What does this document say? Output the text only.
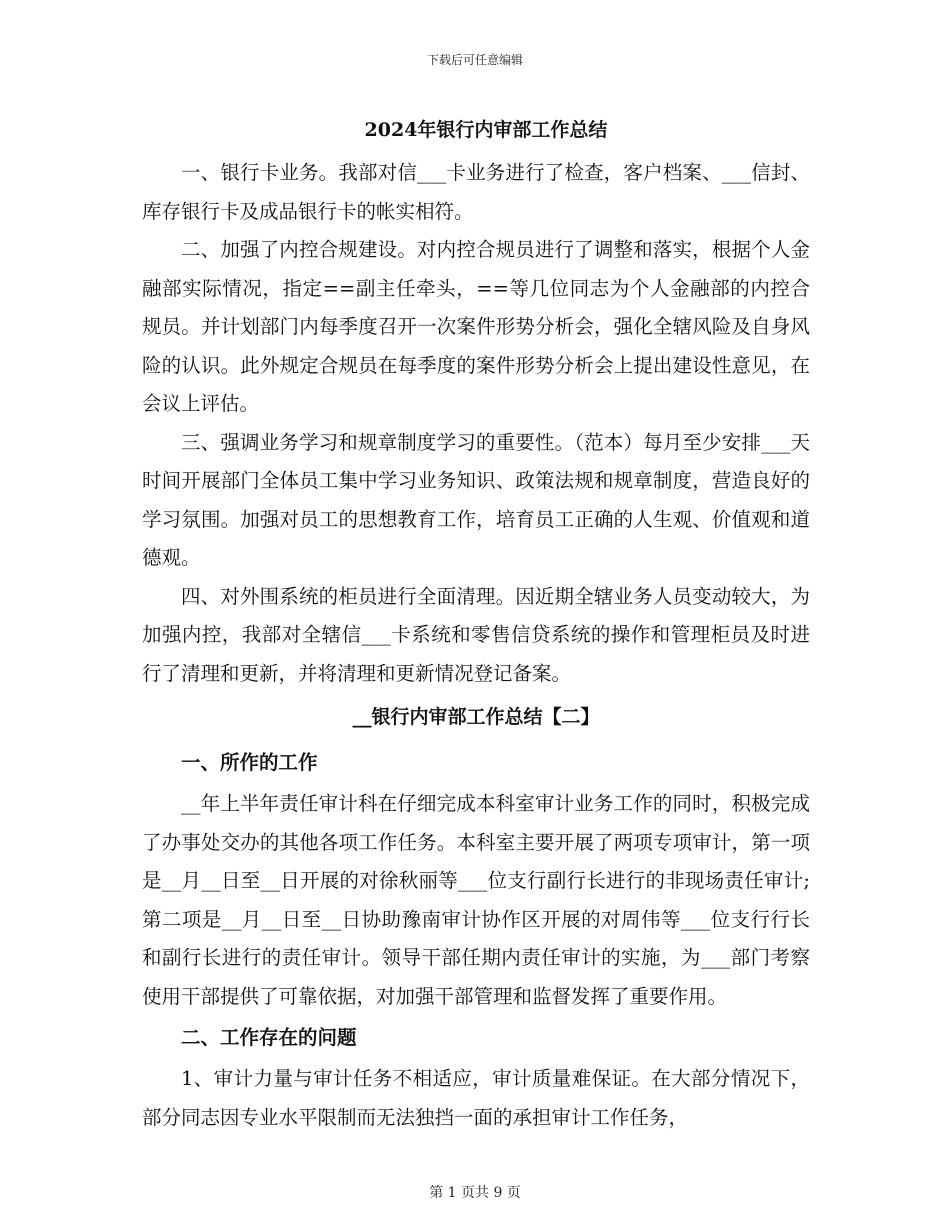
下载后可任意编辑
2024年银行内审部工作总结

一、银行卡业务。我部对信___卡业务进行了检查，客户档案、___信封、库存银行卡及成品银行卡的帐实相符。

二、加强了内控合规建设。对内控合规员进行了调整和落实，根据个人金融部实际情况，指定==副主任牵头，==等几位同志为个人金融部的内控合规员。并计划部门内每季度召开一次案件形势分析会，强化全辖风险及自身风险的认识。此外规定合规员在每季度的案件形势分析会上提出建设性意见，在会议上评估。

三、强调业务学习和规章制度学习的重要性。（范本）每月至少安排___天时间开展部门全体员工集中学习业务知识、政策法规和规章制度，营造良好的学习氛围。加强对员工的思想教育工作，培育员工正确的人生观、价值观和道德观。

四、对外围系统的柜员进行全面清理。因近期全辖业务人员变动较大，为加强内控，我部对全辖信___卡系统和零售信贷系统的操作和管理柜员及时进行了清理和更新，并将清理和更新情况登记备案。

__银行内审部工作总结【二】
一、所作的工作

__年上半年责任审计科在仔细完成本科室审计业务工作的同时，积极完成了办事处交办的其他各项工作任务。本科室主要开展了两项专项审计，第一项是__月__日至__日开展的对徐秋丽等___位支行副行长进行的非现场责任审计;第二项是__月__日至__日协助豫南审计协作区开展的对周伟等___位支行行长和副行长进行的责任审计。领导干部任期内责任审计的实施，为___部门考察使用干部提供了可靠依据，对加强干部管理和监督发挥了重要作用。

二、工作存在的问题

1、审计力量与审计任务不相适应，审计质量难保证。在大部分情况下，部分同志因专业水平限制而无法独挡一面的承担审计工作任务，

第 1 页共 9 页
